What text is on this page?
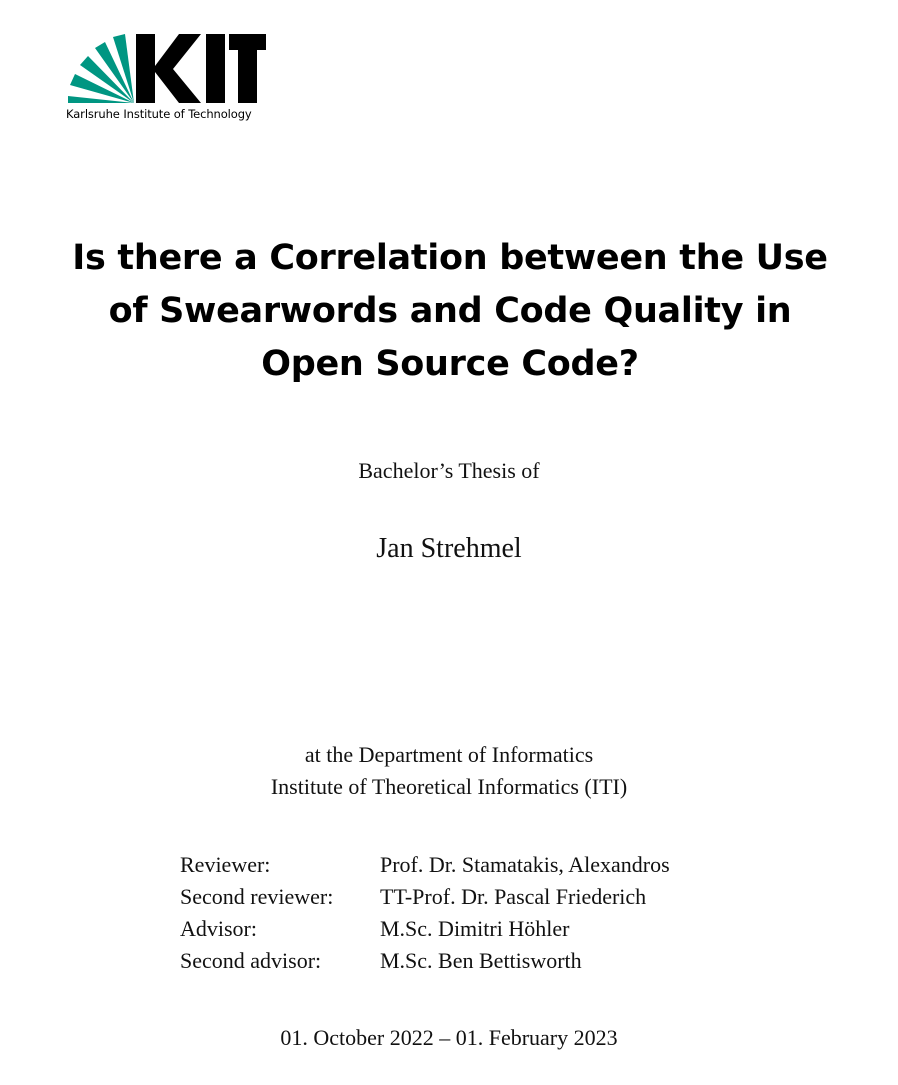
Karlsruhe Institute of Technology
Is there a Correlation between the Use of Swearwords and Code Quality in Open Source Code?
Bachelor’s Thesis of
Jan Strehmel
at the Department of Informatics
Institute of Theoretical Informatics (ITI)
Reviewer:	Prof. Dr. Stamatakis, Alexandros
Second reviewer:	TT-Prof. Dr. Pascal Friederich
Advisor:	M.Sc. Dimitri Höhler
Second advisor:	M.Sc. Ben Bettisworth
01. October 2022 – 01. February 2023
